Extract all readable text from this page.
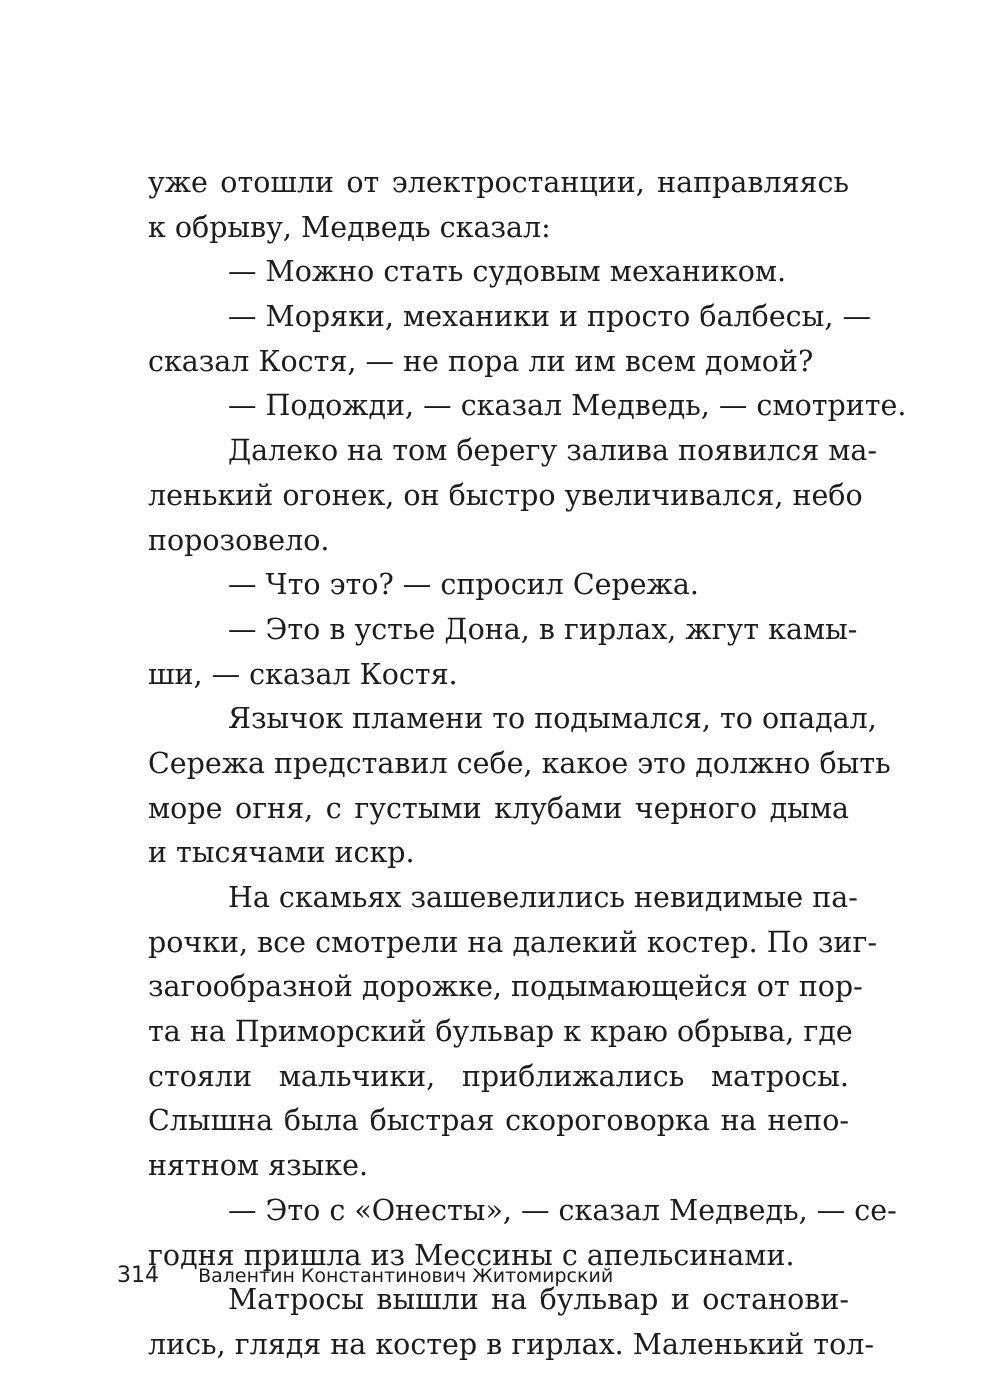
уже отошли от электростанции, направляясь
к обрыву, Медведь сказал:
— Можно стать судовым механиком.
— Моряки, механики и просто балбесы, —
сказал Костя, — не пора ли им всем домой?
— Подожди, — сказал Медведь, — смотрите.
Далеко на том берегу залива появился ма-
ленький огонек, он быстро увеличивался, небо
порозовело.
— Что это? — спросил Сережа.
— Это в устье Дона, в гирлах, жгут камы-
ши, — сказал Костя.
Язычок пламени то подымался, то опадал,
Сережа представил себе, какое это должно быть
море огня, с густыми клубами черного дыма
и тысячами искр.
На скамьях зашевелились невидимые па-
рочки, все смотрели на далекий костер. По зиг-
загообразной дорожке, подымающейся от пор-
та на Приморский бульвар к краю обрыва, где
стояли мальчики, приближались матросы.
Слышна была быстрая скороговорка на непо-
нятном языке.
— Это с «Онесты», — сказал Медведь, — се-
годня пришла из Мессины с апельсинами.
Матросы вышли на бульвар и останови-
лись, глядя на костер в гирлах. Маленький тол-
314 Валентин Константинович Житомирский
